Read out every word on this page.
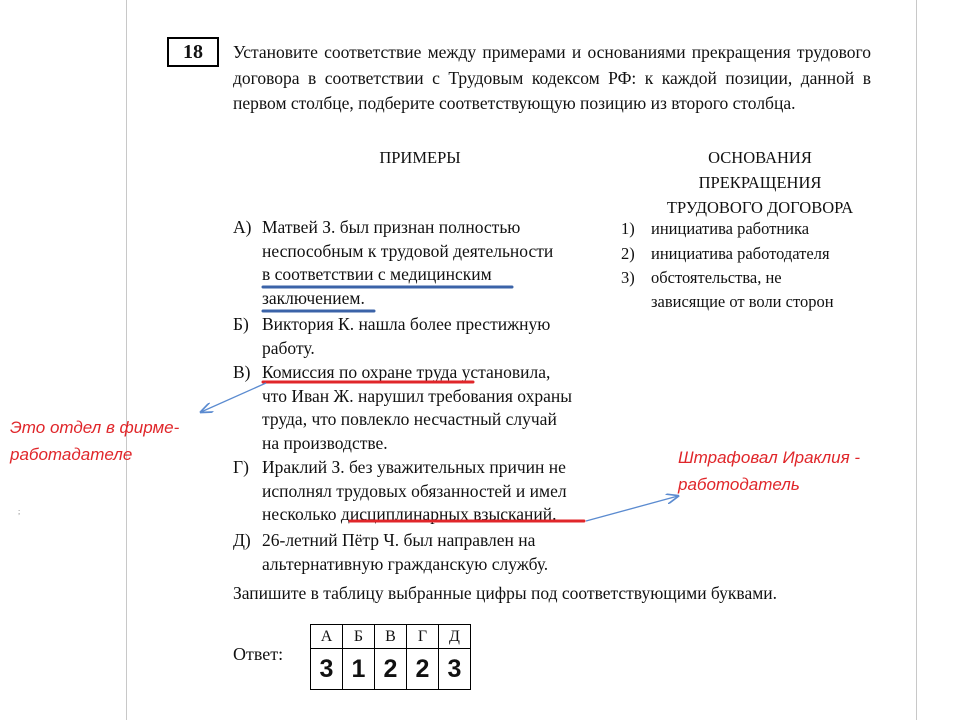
18	Установите соответствие между примерами и основаниями прекращения трудового договора в соответствии с Трудовым кодексом РФ: к каждой позиции, данной в первом столбце, подберите соответствующую позицию из второго столбца.
ПРИМЕРЫ	ОСНОВАНИЯ
ПРЕКРАЩЕНИЯ
ТРУДОВОГО ДОГОВОРА
А) Матвей З. был признан полностью
неспособным к трудовой деятельности
в соответствии с медицинским
заключением.
Б) Виктория К. нашла более престижную
работу.
В) Комиссия по охране труда установила,
что Иван Ж. нарушил требования охраны
труда, что повлекло несчастный случай
на производстве.
Г) Ираклий З. без уважительных причин не
исполнял трудовых обязанностей и имел
несколько дисциплинарных взысканий.
Д) 26-летний Пётр Ч. был направлен на
альтернативную гражданскую службу.
1) инициатива работника
2) инициатива работодателя
3) обстоятельства, не
зависящие от воли сторон
Запишите в таблицу выбранные цифры под соответствующими буквами.
Ответ:
А	Б	В	Г	Д
3	1	2	2	3
Это отдел в фирме-
работадателе	Штрафовал Ираклия -
работодатель
;
